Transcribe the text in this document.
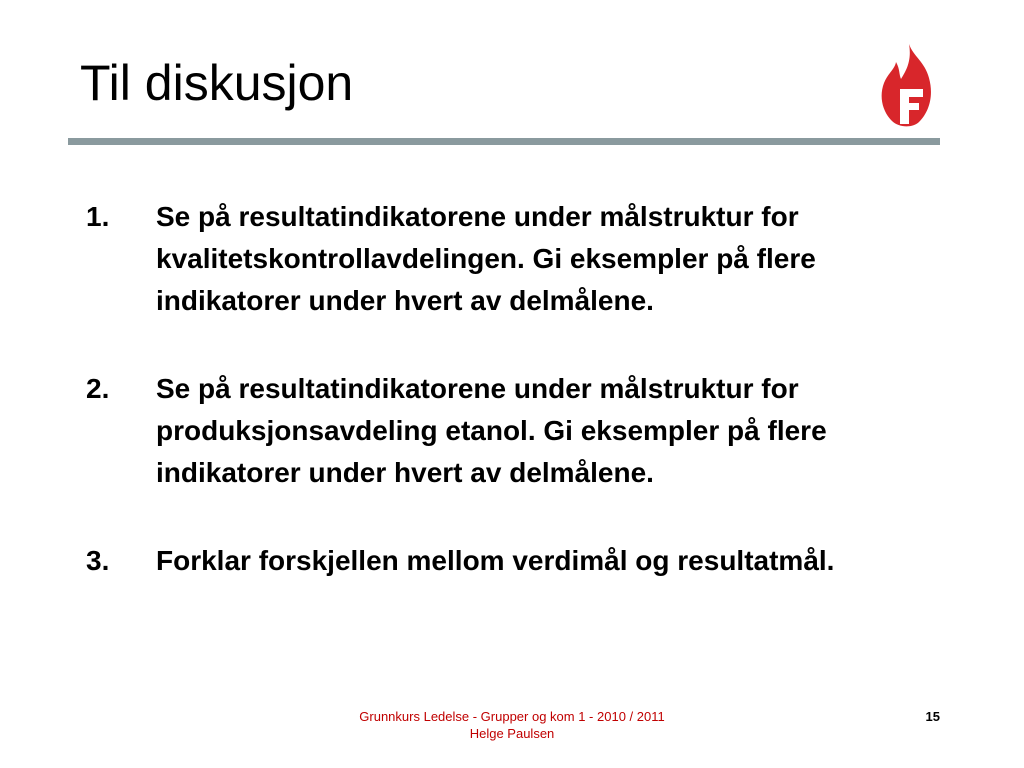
Til diskusjon
1. Se på resultatindikatorene under målstruktur for kvalitetskontrollavdelingen. Gi eksempler på flere indikatorer under hvert av delmålene.
2. Se på resultatindikatorene under målstruktur for produksjonsavdeling etanol. Gi eksempler på flere indikatorer under hvert av delmålene.
3. Forklar forskjellen mellom verdimål og resultatmål.
Grunnkurs Ledelse - Grupper og kom 1 - 2010 / 2011
Helge Paulsen
15
